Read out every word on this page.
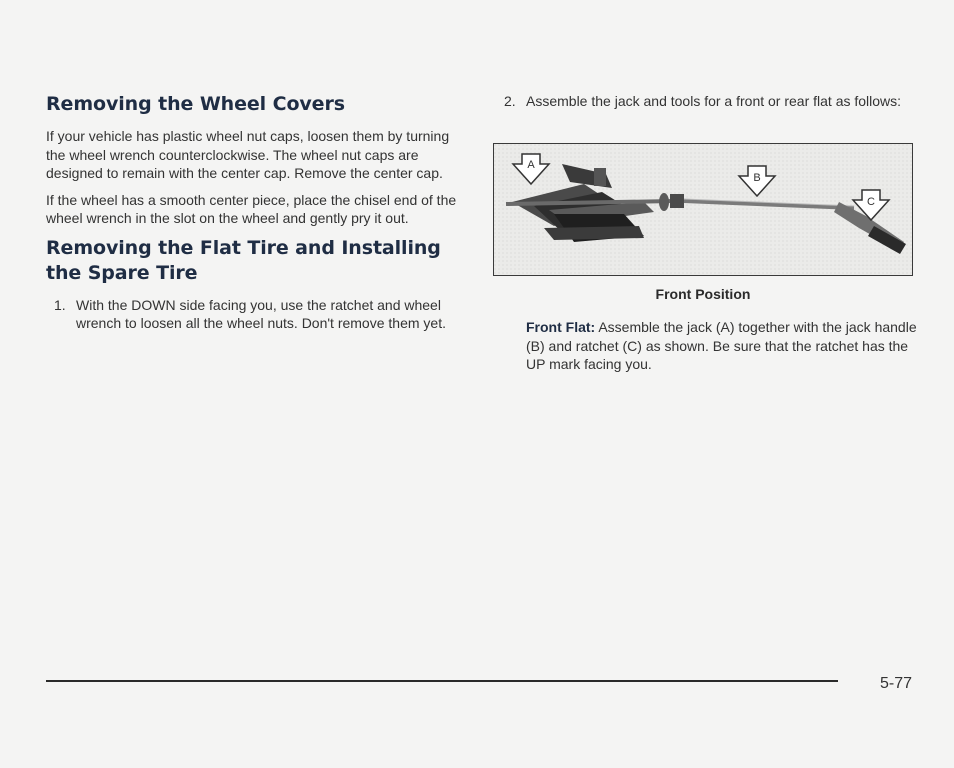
Removing the Wheel Covers

If your vehicle has plastic wheel nut caps, loosen them by turning the wheel wrench counterclockwise. The wheel nut caps are designed to remain with the center cap. Remove the center cap.

If the wheel has a smooth center piece, place the chisel end of the wheel wrench in the slot on the wheel and gently pry it out.

Removing the Flat Tire and Installing the Spare Tire
1. With the DOWN side facing you, use the ratchet and wheel wrench to loosen all the wheel nuts. Don't remove them yet.
2. Assemble the jack and tools for a front or rear flat as follows:
A
B
C
Front Position
Front Flat: Assemble the jack (A) together with the jack handle (B) and ratchet (C) as shown. Be sure that the ratchet has the UP mark facing you.
5-77
